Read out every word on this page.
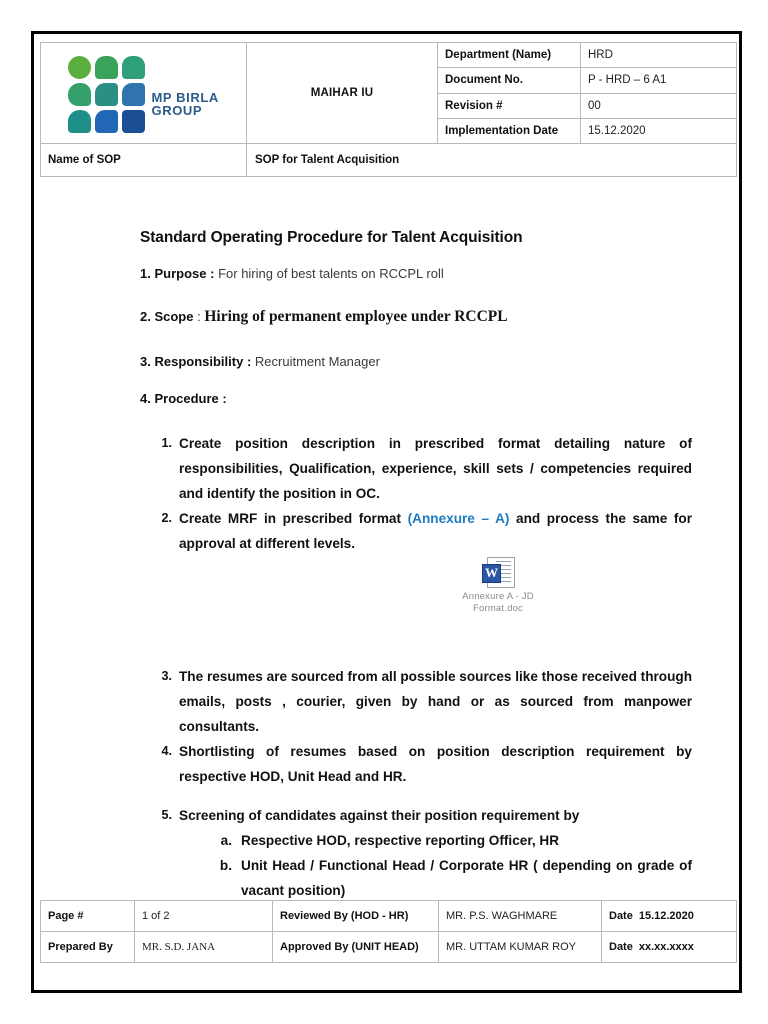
MP BIRLA
GROUP	MAIHAR IU	Department (Name)	HRD
		Document No.	P - HRD – 6 A1
		Revision #	00
		Implementation Date	15.12.2020
Name of SOP	SOP for Talent Acquisition		
Standard Operating Procedure for Talent Acquisition
1. Purpose : For hiring of best talents on RCCPL roll
2. Scope : Hiring of permanent employee under RCCPL
3. Responsibility : Recruitment Manager
4. Procedure :
1. Create position description in prescribed format detailing nature of responsibilities, Qualification, experience, skill sets / competencies required and identify the position in OC.
2. Create MRF in prescribed format (Annexure – A) and process the same for approval at different levels.
3. The resumes are sourced from all possible sources like those received through emails, posts , courier, given by hand or as sourced from manpower consultants.
4. Shortlisting of resumes based on position description requirement by respective HOD, Unit Head and HR.
5. Screening of candidates against their position requirement by
a. Respective HOD, respective reporting Officer, HR
b. Unit Head / Functional Head / Corporate HR ( depending on grade of vacant position)
W
Annexure A - JD
Format.doc
Page #	1 of 2	Reviewed By (HOD - HR)	MR. P.S. WAGHMARE	Date 15.12.2020
Prepared By	MR. S.D. JANA	Approved By (UNIT HEAD)	MR. UTTAM KUMAR ROY	Date xx.xx.xxxx
